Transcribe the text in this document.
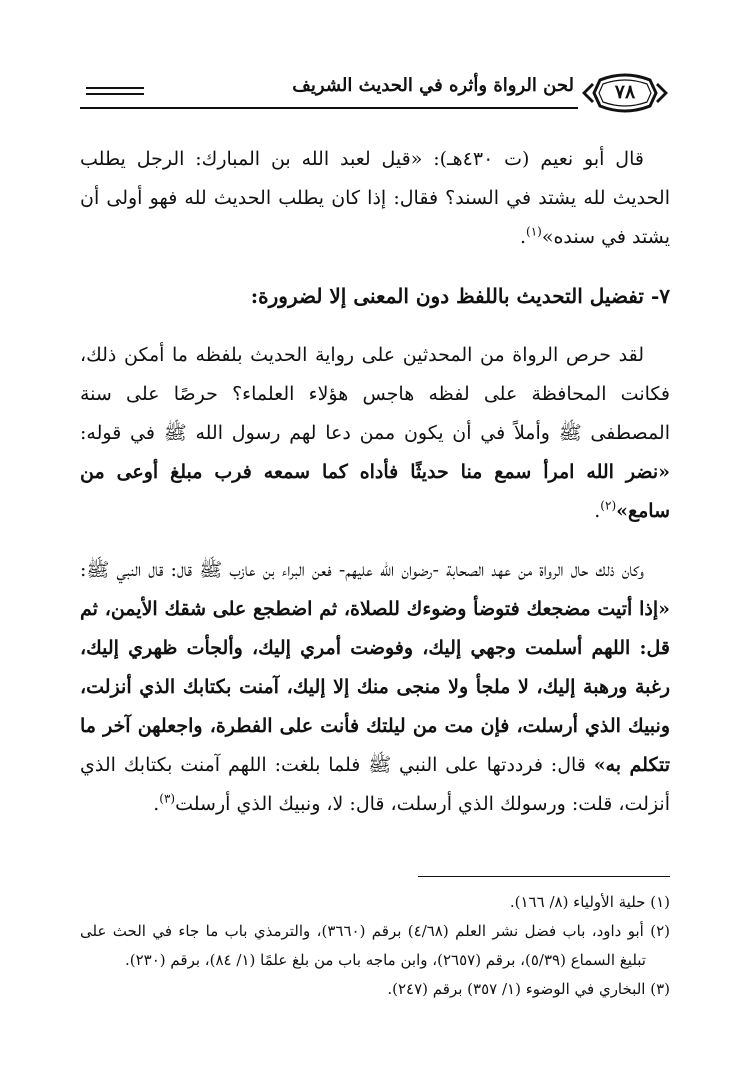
لحن الرواة وأثره في الحديث الشريف	٧٨

قال أبو نعيم (ت ٤٣٠هـ): «قيل لعبد الله بن المبارك: الرجل يطلب الحديث لله يشتد في السند؟ فقال: إذا كان يطلب الحديث لله فهو أولى أن يشتد في سنده»$^{(١)}$.

٧- تفضيل التحديث باللفظ دون المعنى إلا لضرورة:

لقد حرص الرواة من المحدثين على رواية الحديث بلفظه ما أمكن ذلك، فكانت المحافظة على لفظه هاجس هؤلاء العلماء؟ حرصًا على سنة المصطفى ﷺ وأملاً في أن يكون ممن دعا لهم رسول الله ﷺ في قوله: «نضر الله امرأ سمع منا حديثًا فأداه كما سمعه فرب مبلغ أوعى من سامع»$^{(٢)}$.

وكان ذلك حال الرواة من عهد الصحابة -رضوان الله عليهم- فعن البراء بن عازب ﷺ قال: قال النبي ﷺ: «إذا أتيت مضجعك فتوضأ وضوءك للصلاة، ثم اضطجع على شقك الأيمن، ثم قل: اللهم أسلمت وجهي إليك، وفوضت أمري إليك، وألجأت ظهري إليك، رغبة ورهبة إليك، لا ملجأ ولا منجى منك إلا إليك، آمنت بكتابك الذي أنزلت، ونبيك الذي أرسلت، فإن مت من ليلتك فأنت على الفطرة، واجعلهن آخر ما تتكلم به» قال: فرددتها على النبي ﷺ فلما بلغت: اللهم آمنت بكتابك الذي أنزلت، قلت: ورسولك الذي أرسلت، قال: لا، ونبيك الذي أرسلت$^{(٣)}$.

(١) حلية الأولياء (٨/ ١٦٦).

(٢) أبو داود، باب فضل نشر العلم (٤/٦٨) برقم (٣٦٦٠)، والترمذي باب ما جاء في الحث على تبليغ السماع (٥/٣٩)، برقم (٢٦٥٧)، وابن ماجه باب من بلغ علمًا (١/ ٨٤)، برقم (٢٣٠).

(٣) البخاري في الوضوء (١/ ٣٥٧) برقم (٢٤٧).
